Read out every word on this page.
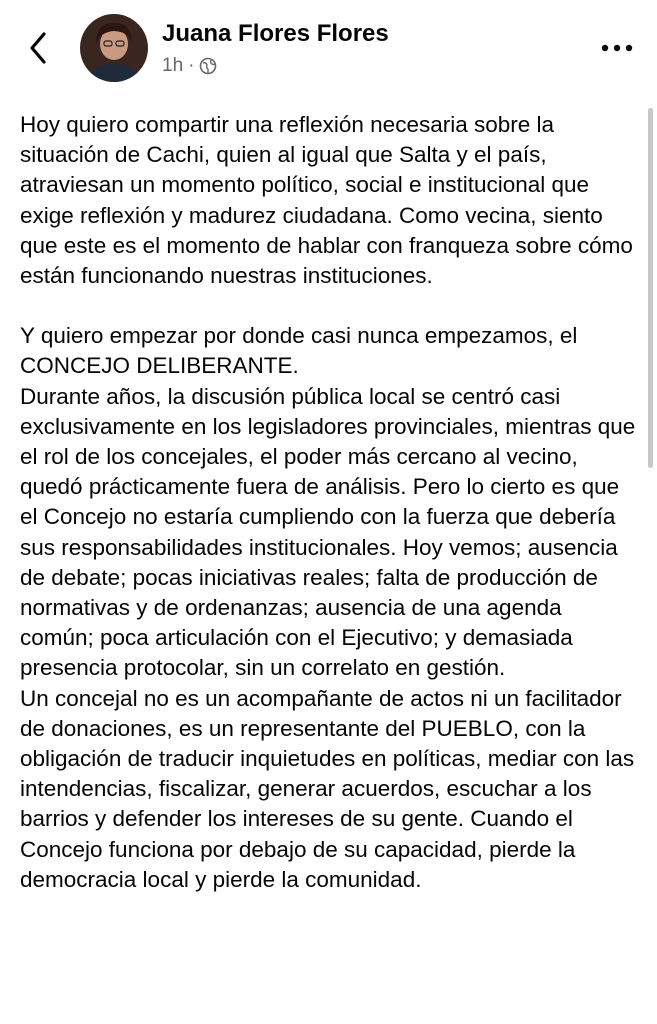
Juana Flores Flores
1h ·

Hoy quiero compartir una reflexión necesaria sobre la situación de Cachi, quien al igual que Salta y el país, atraviesan un momento político, social e institucional que exige reflexión y madurez ciudadana. Como vecina, siento que este es el momento de hablar con franqueza sobre cómo están funcionando nuestras instituciones.

Y quiero empezar por donde casi nunca empezamos, el CONCEJO DELIBERANTE.

Durante años, la discusión pública local se centró casi exclusivamente en los legisladores provinciales, mientras que el rol de los concejales, el poder más cercano al vecino, quedó prácticamente fuera de análisis. Pero lo cierto es que el Concejo no estaría cumpliendo con la fuerza que debería sus responsabilidades institucionales. Hoy vemos; ausencia de debate; pocas iniciativas reales; falta de producción de normativas y de ordenanzas; ausencia de una agenda común; poca articulación con el Ejecutivo; y demasiada presencia protocolar, sin un correlato en gestión.

Un concejal no es un acompañante de actos ni un facilitador de donaciones, es un representante del PUEBLO, con la obligación de traducir inquietudes en políticas, mediar con las intendencias, fiscalizar, generar acuerdos, escuchar a los barrios y defender los intereses de su gente. Cuando el Concejo funciona por debajo de su capacidad, pierde la democracia local y pierde la comunidad.
